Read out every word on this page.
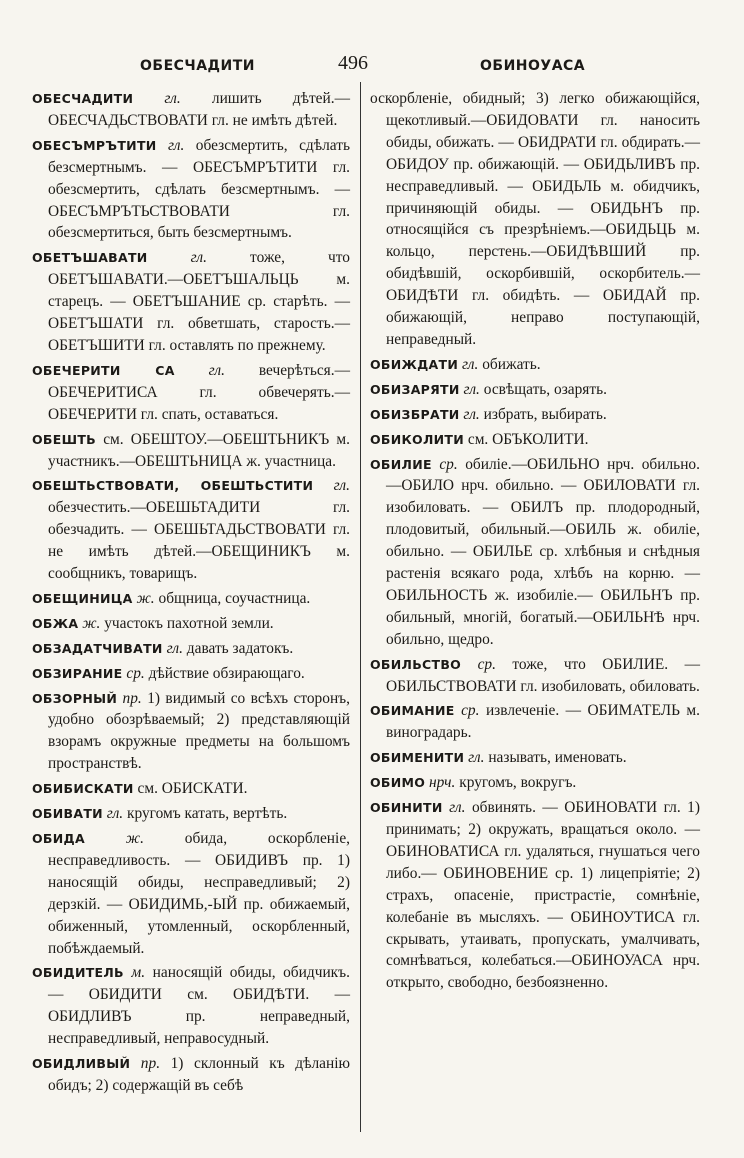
ОБЕСЧАДИТИ	496	ОБИНОУАСА

ОБЕСЧАДИТИ гл. лишить дѣтей.— ОБЕСЧАДЬСТВОВАТИ гл. не имѣть дѣтей.

ОБЕСЪМРЪТИТИ гл. обезсмертить, сдѣлать безсмертнымъ. — ОБЕСЪМРЪТИТИ гл. обезсмертить, сдѣлать безсмертнымъ. — ОБЕСЪМРЪТЬСТВОВАТИ гл. обезсмертиться, быть безсмертнымъ.

ОБЕТЪШАВАТИ	гл.	тоже, что ОБЕТЪШАВАТИ.—ОБЕТЪШАЛЬЦЬ м. старецъ. — ОБЕТЪШАНИЕ ср. старѣть. — ОБЕТЪШАТИ гл. обветшать, старость.—ОБЕТЪШИТИ гл. оставлять по прежнему.

ОБЕЧЕРИТИ СА гл. вечерѣться.—ОБЕЧЕРИТИСА гл. обвечерять.— ОБЕЧЕРИТИ гл. спать, оставаться.

ОБЕШТЬ см. ОБЕШТОУ.—ОБЕШТЬНИКЪ м. участникъ.—ОБЕШТЬНИЦА ж. участница.

ОБЕШТЬСТВОВАТИ, ОБЕШТЬСТИТИ гл. обезчестить.—ОБЕШЬТАДИТИ гл. обезчадить. — ОБЕШЬТАДЬСТВОВАТИ гл. не имѣть дѣтей.—ОБЕЩИНИКЪ м. сообщникъ, товарищъ.

ОБЕЩИНИЦА ж. общница, соучастница.

ОБЖА ж. участокъ пахотной земли.

ОБЗАДАТЧИВАТИ гл. давать задатокъ.

ОБЗИРАНИЕ ср. дѣйствие обзирающаго.

ОБЗОРНЫЙ пр. 1) видимый со всѣхъ сторонъ, удобно обозрѣваемый; 2) представляющій взорамъ окружные предметы на большомъ пространствѣ.

ОБИБИСКАТИ см. ОБИСКАТИ.

ОБИВАТИ гл. кругомъ катать, вертѣть.

ОБИДА	ж.	обида, оскорбленіе, несправедливость. — ОБИДИВЪ пр. 1) наносящій обиды, несправедливый; 2) дерзкій. — ОБИДИМЬ,-ЫЙ пр. обижаемый, обиженный, утомленный, оскорбленный, побѣждаемый.

ОБИДИТЕЛЬ м. наносящій обиды, обидчикъ. — ОБИДИТИ см. ОБИДѢТИ. — ОБИДЛИВЪ пр. неправедный, несправедливый, неправосудный.

ОБИДЛИВЫЙ пр. 1) склонный къ дѣланію обидъ; 2) содержащій въ себѣ

оскорбленіе, обидный; 3) легко обижающійся, щекотливый.—ОБИДОВАТИ гл. наносить обиды, обижать. — ОБИДРАТИ гл. обдирать.—ОБИДОУ пр. обижающій. — ОБИДЬЛИВЪ пр. несправедливый. — ОБИДЬЛЬ м. обидчикъ, причиняющій обиды. — ОБИДЬНЪ пр. относящійся съ презрѣніемъ.—ОБИДЬЦЬ м. кольцо, перстень.—ОБИДѢВШИЙ пр. обидѣвшій, оскорбившій, оскорбитель.—ОБИДѢТИ гл. обидѣть. — ОБИДАЙ пр. обижающій, неправо поступающій, неправедный.

ОБИЖДАТИ гл. обижать.

ОБИЗАРЯТИ гл. освѣщать, озарять.

ОБИЗБРАТИ гл. избрать, выбирать.

ОБИКОЛИТИ см. ОБЪКОЛИТИ.

ОБИЛИЕ ср. обиліе.—ОБИЛЬНО нрч. обильно.—ОБИЛО нрч. обильно. — ОБИЛОВАТИ гл. изобиловать. — ОБИЛЪ пр. плодородный, плодовитый, обильный.—ОБИЛЬ ж. обиліе, обильно. — ОБИЛЬЕ ср. хлѣбныя и снѣдныя растенія всякаго рода, хлѣбъ на корню. — ОБИЛЬНОСТЬ ж. изобиліе.— ОБИЛЬНЪ пр. обильный, многій, богатый.—ОБИЛЬНѢ нрч. обильно, щедро.

ОБИЛЬСТВО ср. тоже, что ОБИЛИЕ. — ОБИЛЬСТВОВАТИ гл. изобиловать, обиловать.

ОБИМАНИЕ ср. извлеченіе. — ОБИМАТЕЛЬ м. виноградарь.

ОБИМЕНИТИ гл. называть, именовать.

ОБИМО нрч. кругомъ, вокругъ.

ОБИНИТИ гл. обвинять. — ОБИНОВАТИ гл. 1) принимать; 2) окружать, вращаться около. — ОБИНОВАТИСА гл. удаляться, гнушаться чего либо.— ОБИНОВЕНИЕ ср. 1) лицепріятіе; 2) страхъ, опасеніе, пристрастіе, сомнѣніе, колебаніе въ мысляхъ. — ОБИНОУТИСА гл. скрывать, утаивать, пропускать, умалчивать, сомнѣваться, колебаться.—ОБИНОУАСА нрч. открыто, свободно, безбоязненно.
